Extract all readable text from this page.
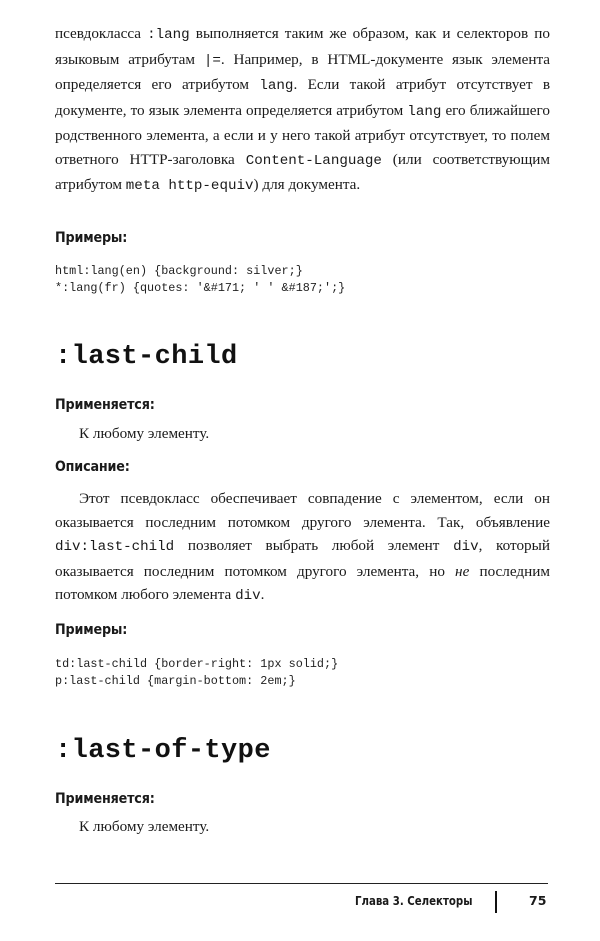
псевдокласса :lang выполняется таким же образом, как и селекторов по языковым атрибутам |=. Например, в HTML-документе язык элемента определяется его атрибутом lang. Если такой атрибут отсутствует в документе, то язык элемента определяется атрибутом lang его ближайшего родственного элемента, а если и у него такой атрибут отсутствует, то полем ответного HTTP-заголовка Content-Language (или соответствующим атрибутом meta http-equiv) для документа.

Примеры:
html:lang(en) {background: silver;}
*:lang(fr) {quotes: '&#171; ' ' &#187;';}
:last-child
Применяется:
К любому элементу.
Описание:

Этот псевдокласс обеспечивает совпадение с элементом, если он оказывается последним потомком другого элемента. Так, объявление div:last-child позволяет выбрать любой элемент div, который оказывается последним потомком другого элемента, но не последним потомком любого элемента div.

Примеры:
td:last-child {border-right: 1px solid;}
p:last-child {margin-bottom: 2em;}
:last-of-type
Применяется:
К любому элементу.
Глава 3. Селекторы	75
